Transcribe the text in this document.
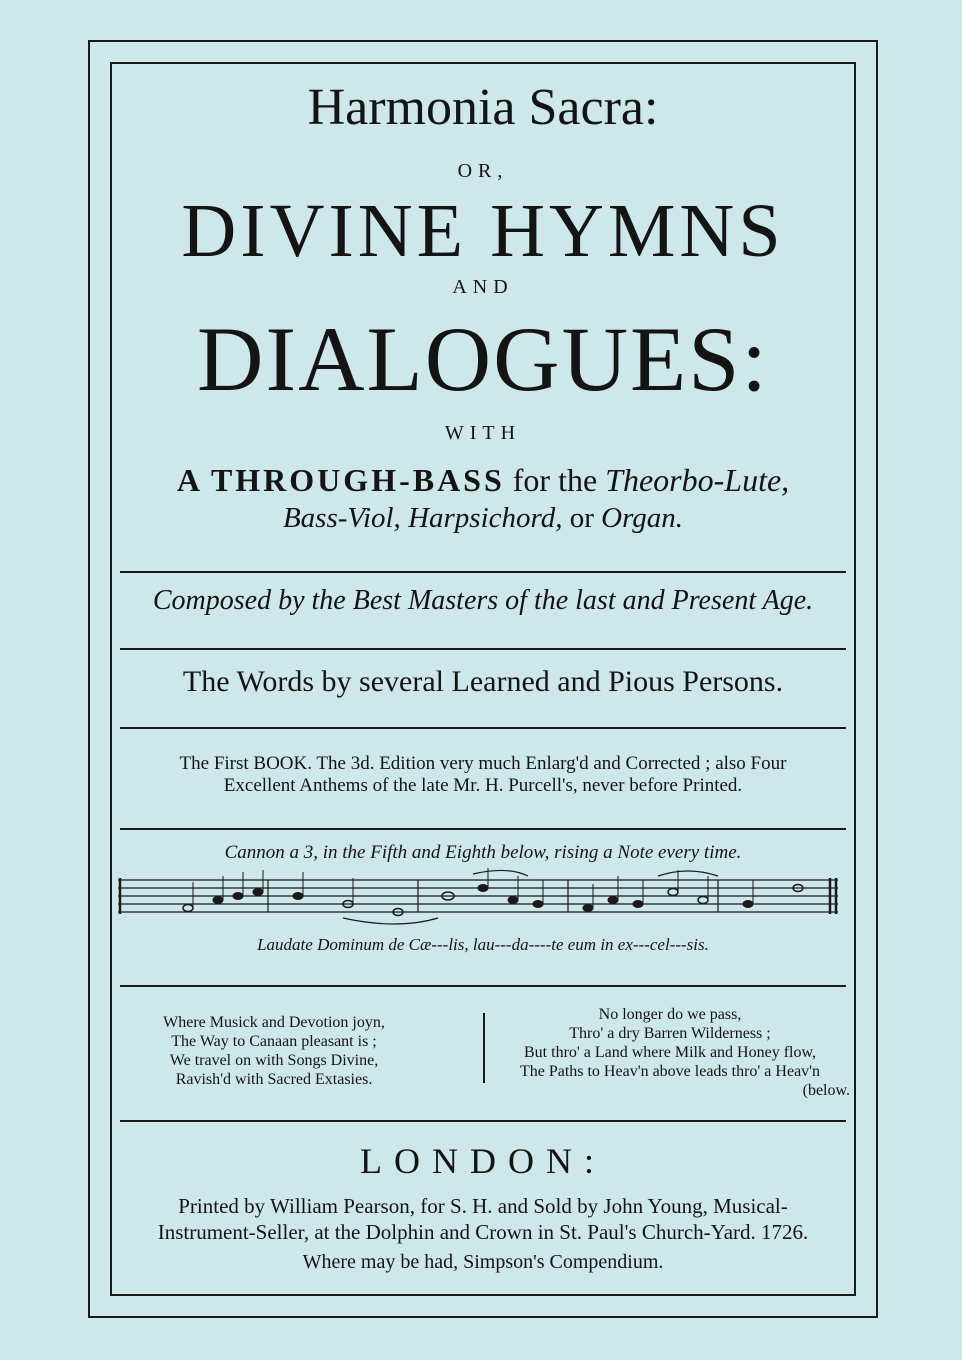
Harmonia Sacra:
OR,
DIVINE HYMNS
AND
DIALOGUES:
WITH
A THROUGH-BASS for the Theorbo-Lute,
Bass-Viol, Harpsichord, or Organ.
Composed by the Best Masters of the last and Present Age.
The Words by several Learned and Pious Persons.
The First BOOK. The 3d. Edition very much Enlarg'd and Corrected ; also Four
Excellent Anthems of the late Mr. H. Purcell's, never before Printed.
Cannon a 3, in the Fifth and Eighth below, rising a Note every time.
Laudate Dominum de Cæ---lis, lau---da----te eum in ex---cel---sis.
Where Musick and Devotion joyn,
The Way to Canaan pleasant is ;
We travel on with Songs Divine,
Ravish'd with Sacred Extasies.
No longer do we pass,
Thro' a dry Barren Wilderness ;
But thro' a Land where Milk and Honey flow,
The Paths to Heav'n above leads thro' a Heav'n
(below.
LONDON:
Printed by William Pearson, for S. H. and Sold by John Young, Musical-
Instrument-Seller, at the Dolphin and Crown in St. Paul's Church-Yard. 1726.
Where may be had, Simpson's Compendium.
